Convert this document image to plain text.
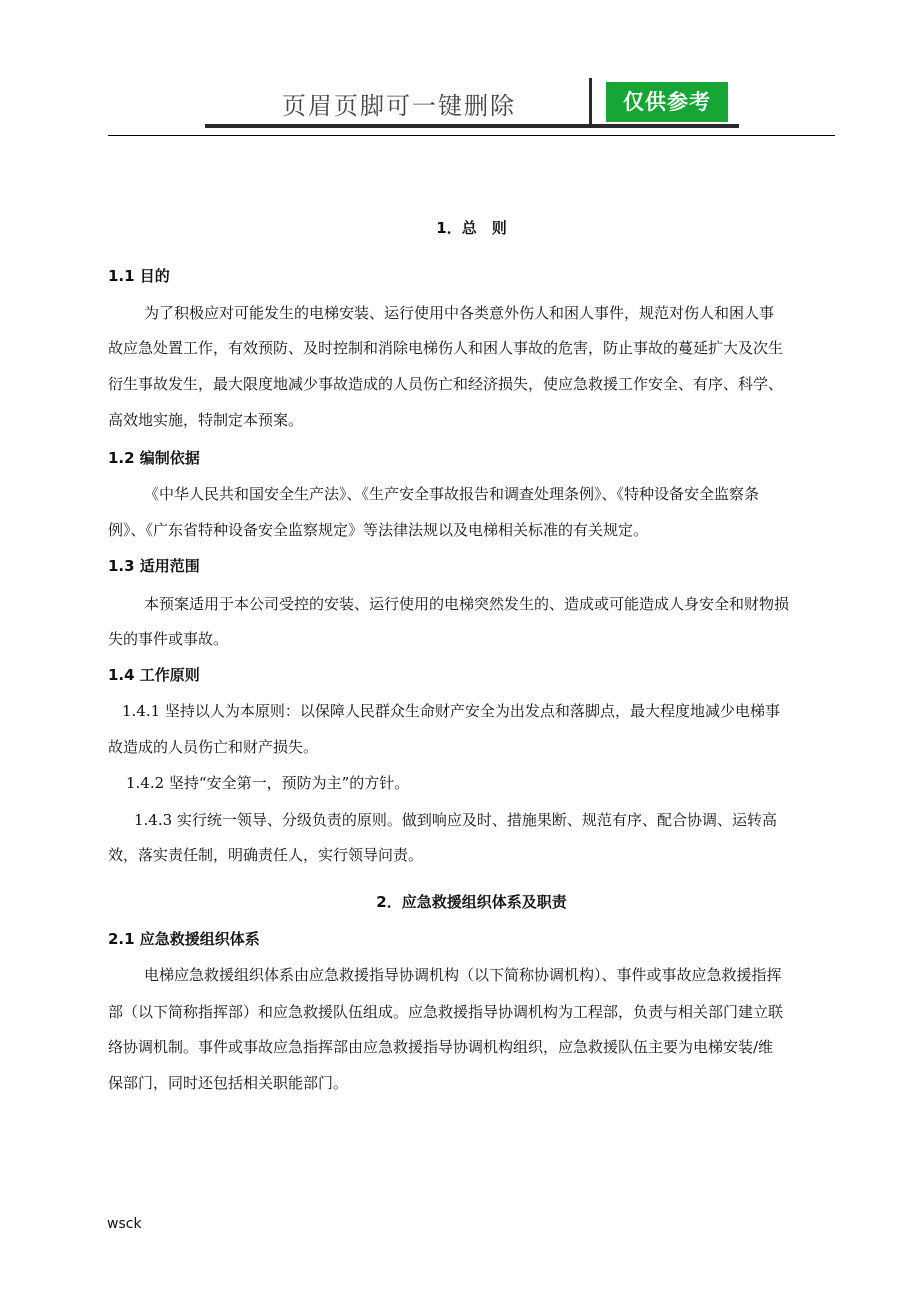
页眉页脚可一键删除	仅供参考
1．总　则
1.1 目的
为了积极应对可能发生的电梯安装、运行使用中各类意外伤人和困人事件，规范对伤人和困人事
故应急处置工作，有效预防、及时控制和消除电梯伤人和困人事故的危害，防止事故的蔓延扩大及次生
衍生事故发生，最大限度地减少事故造成的人员伤亡和经济损失，使应急救援工作安全、有序、科学、
高效地实施，特制定本预案。
1.2 编制依据
《中华人民共和国安全生产法》、《生产安全事故报告和调查处理条例》、《特种设备安全监察条
例》、《广东省特种设备安全监察规定》等法律法规以及电梯相关标准的有关规定。
1.3 适用范围
本预案适用于本公司受控的安装、运行使用的电梯突然发生的、造成或可能造成人身安全和财物损
失的事件或事故。
1.4 工作原则
1.4.1 坚持以人为本原则：以保障人民群众生命财产安全为出发点和落脚点，最大程度地减少电梯事
故造成的人员伤亡和财产损失。
1.4.2 坚持“安全第一，预防为主”的方针。
1.4.3 实行统一领导、分级负责的原则。做到响应及时、措施果断、规范有序、配合协调、运转高
效，落实责任制，明确责任人，实行领导问责。
2．应急救援组织体系及职责
2.1 应急救援组织体系
电梯应急救援组织体系由应急救援指导协调机构（以下简称协调机构）、事件或事故应急救援指挥
部（以下简称指挥部）和应急救援队伍组成。应急救援指导协调机构为工程部，负责与相关部门建立联
络协调机制。事件或事故应急指挥部由应急救援指导协调机构组织，应急救援队伍主要为电梯安装/维
保部门，同时还包括相关职能部门。
wsck
